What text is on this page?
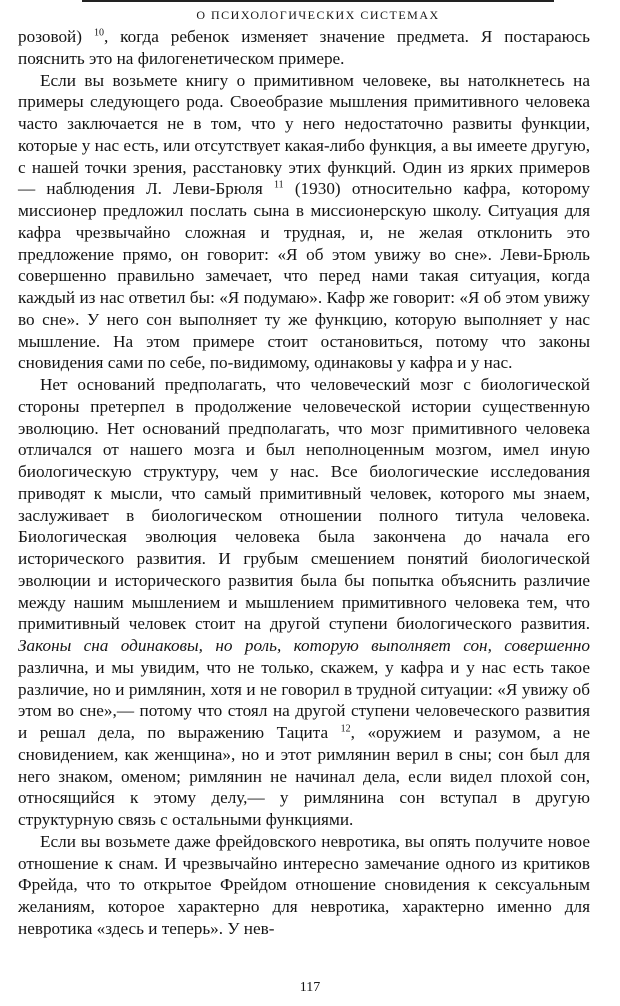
О ПСИХОЛОГИЧЕСКИХ СИСТЕМАХ

розовой) $^{10}$, когда ребенок изменяет значение предмета. Я постараюсь пояснить это на филогенетическом примере.

Если вы возьмете книгу о примитивном человеке, вы натолкнетесь на примеры следующего рода. Своеобразие мышления примитивного человека часто заключается не в том, что у него недостаточно развиты функции, которые у нас есть, или отсутствует какая-либо функция, а вы имеете другую, с нашей точки зрения, расстановку этих функций. Один из ярких примеров — наблюдения Л. Леви-Брюля $^{11}$ (1930) относительно кафра, которому миссионер предложил послать сына в миссионерскую школу. Ситуация для кафра чрезвычайно сложная и трудная, и, не желая отклонить это предложение прямо, он говорит: «Я об этом увижу во сне». Леви-Брюль совершенно правильно замечает, что перед нами такая ситуация, когда каждый из нас ответил бы: «Я подумаю». Кафр же говорит: «Я об этом увижу во сне». У него сон выполняет ту же функцию, которую выполняет у нас мышление. На этом примере стоит остановиться, потому что законы сновидения сами по себе, по-видимому, одинаковы у кафра и у нас.

Нет оснований предполагать, что человеческий мозг с биологической стороны претерпел в продолжение человеческой истории существенную эволюцию. Нет оснований предполагать, что мозг примитивного человека отличался от нашего мозга и был неполноценным мозгом, имел иную биологическую структуру, чем у нас. Все биологические исследования приводят к мысли, что самый примитивный человек, которого мы знаем, заслуживает в биологическом отношении полного титула человека. Биологическая эволюция человека была закончена до начала его исторического развития. И грубым смешением понятий биологической эволюции и исторического развития была бы попытка объяснить различие между нашим мышлением и мышлением примитивного человека тем, что примитивный человек стоит на другой ступени биологического развития. Законы сна одинаковы, но роль, которую выполняет сон, совершенно различна, и мы увидим, что не только, скажем, у кафра и у нас есть такое различие, но и римлянин, хотя и не говорил в трудной ситуации: «Я увижу об этом во сне»,— потому что стоял на другой ступени человеческого развития и решал дела, по выражению Тацита $^{12}$, «оружием и разумом, а не сновидением, как женщина», но и этот римлянин верил в сны; сон был для него знаком, оменом; римлянин не начинал дела, если видел плохой сон, относящийся к этому делу,— у римлянина сон вступал в другую структурную связь с остальными функциями.

Если вы возьмете даже фрейдовского невротика, вы опять получите новое отношение к снам. И чрезвычайно интересно замечание одного из критиков Фрейда, что то открытое Фрейдом отношение сновидения к сексуальным желаниям, которое характерно для невротика, характерно именно для невротика «здесь и теперь». У нев-

117
